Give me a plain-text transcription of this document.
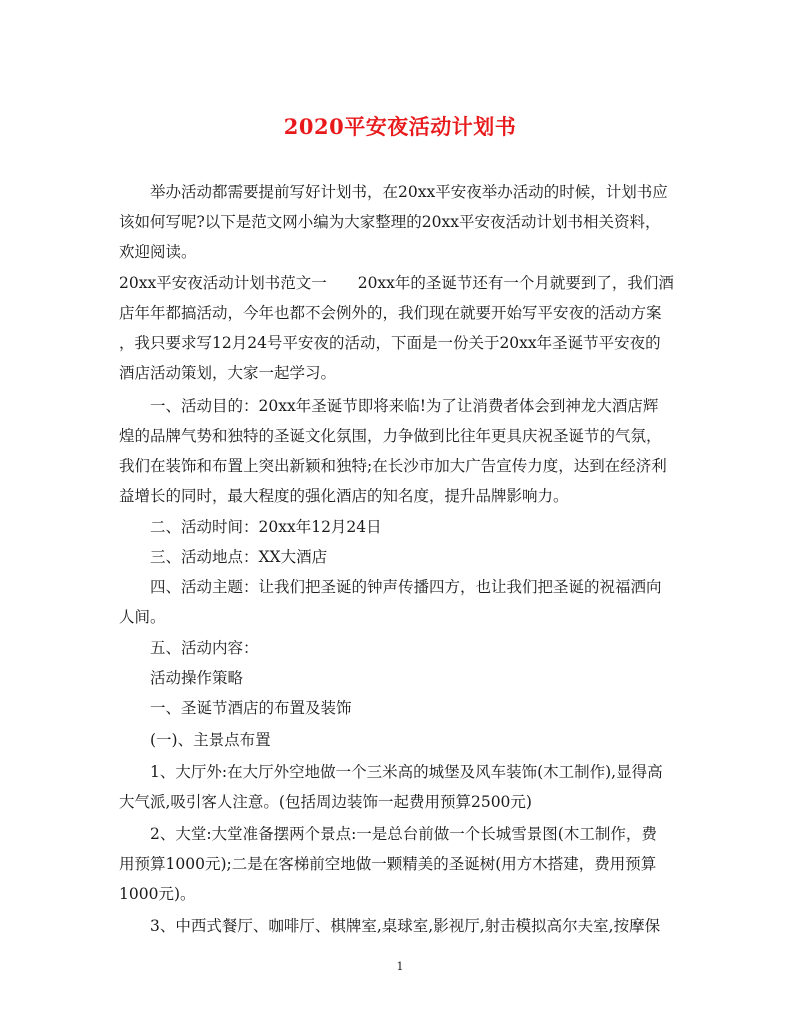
2020平安夜活动计划书
举办活动都需要提前写好计划书，在20xx平安夜举办活动的时候，计划书应
该如何写呢?以下是范文网小编为大家整理的20xx平安夜活动计划书相关资料，
欢迎阅读。
20xx平安夜活动计划书范文一　　20xx年的圣诞节还有一个月就要到了，我们酒
店年年都搞活动，今年也都不会例外的，我们现在就要开始写平安夜的活动方案
，我只要求写12月24号平安夜的活动，下面是一份关于20xx年圣诞节平安夜的
酒店活动策划，大家一起学习。
一、活动目的：20xx年圣诞节即将来临!为了让消费者体会到神龙大酒店辉
煌的品牌气势和独特的圣诞文化氛围，力争做到比往年更具庆祝圣诞节的气氛，
我们在装饰和布置上突出新颖和独特;在长沙市加大广告宣传力度，达到在经济利
益增长的同时，最大程度的强化酒店的知名度，提升品牌影响力。
二、活动时间：20xx年12月24日
三、活动地点：XX大酒店
四、活动主题：让我们把圣诞的钟声传播四方，也让我们把圣诞的祝福洒向
人间。
五、活动内容：
活动操作策略
一、圣诞节酒店的布置及装饰
(一)、主景点布置
1、大厅外:在大厅外空地做一个三米高的城堡及风车装饰(木工制作),显得高
大气派,吸引客人注意。(包括周边装饰一起费用预算2500元)
2、大堂:大堂准备摆两个景点:一是总台前做一个长城雪景图(木工制作，费
用预算1000元);二是在客梯前空地做一颗精美的圣诞树(用方木搭建，费用预算
1000元)。
3、中西式餐厅、咖啡厅、棋牌室,桌球室,影视厅,射击模拟高尔夫室,按摩保
1
